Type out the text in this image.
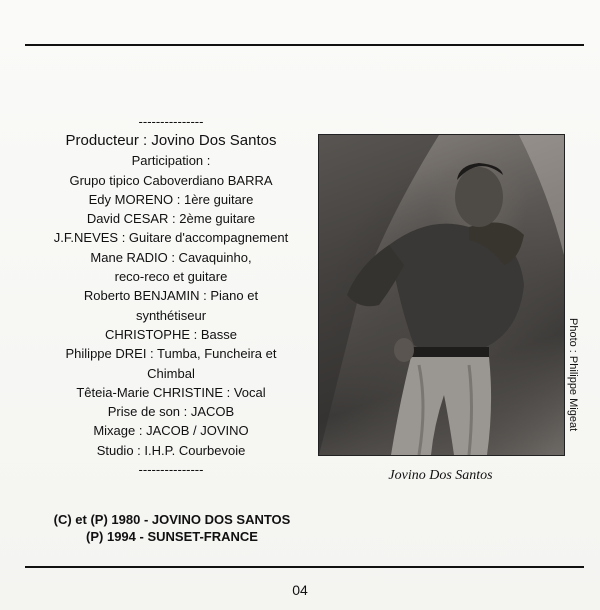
---------------
Producteur : Jovino Dos Santos
Participation :
Grupo tipico Caboverdiano BARRA
Edy MORENO : 1ère guitare
David CESAR : 2ème guitare
J.F.NEVES : Guitare d'accompagnement
Mane RADIO : Cavaquinho,
reco-reco et guitare
Roberto BENJAMIN : Piano et
synthétiseur
CHRISTOPHE : Basse
Philippe DREI : Tumba, Funcheira et
Chimbal
Têteia-Marie CHRISTINE : Vocal
Prise de son : JACOB
Mixage : JACOB / JOVINO
Studio : I.H.P. Courbevoie
---------------
Photo : Philippe Migeat
Jovino Dos Santos
(C) et (P) 1980 - JOVINO DOS SANTOS
(P) 1994 - SUNSET-FRANCE
04
